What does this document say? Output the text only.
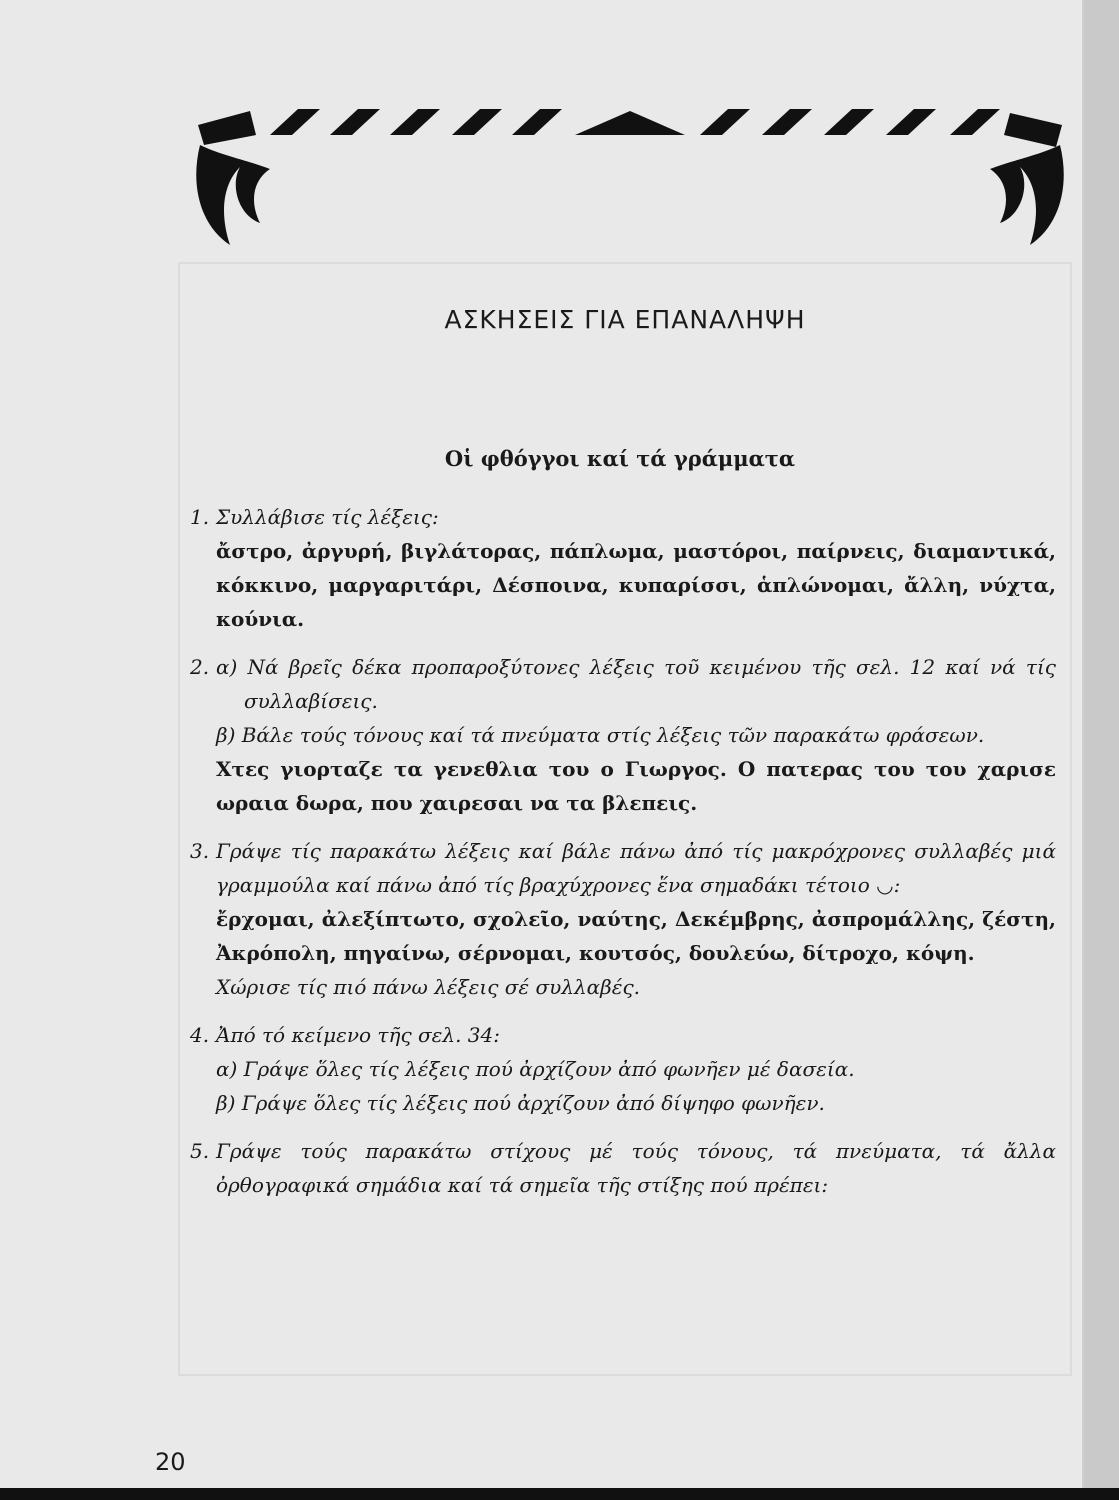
ΑΣΚΗΣΕΙΣ ΓΙΑ ΕΠΑΝΑΛΗΨΗ
Οἱ φθόγγοι καί τά γράμματα
1. Συλλάβισε τίς λέξεις:
ἄστρο, ἀργυρή, βιγλάτορας, πάπλωμα, μαστόροι, παίρνεις, διαμαντικά, κόκκινο, μαργαριτάρι, Δέσποινα, κυπαρίσσι, ἁπλώνομαι, ἄλλη, νύχτα, κούνια.
2. α) Νά βρεῖς δέκα προπαροξύτονες λέξεις τοῦ κειμένου τῆς σελ. 12 καί νά τίς συλλαβίσεις.
β) Βάλε τούς τόνους καί τά πνεύματα στίς λέξεις τῶν παρακάτω φράσεων.
Χτες γιορταζε τα γενεθλια του ο Γιωργος. Ο πατερας του του χαρισε ωραια δωρα, που χαιρεσαι να τα βλεπεις.
3. Γράψε τίς παρακάτω λέξεις καί βάλε πάνω ἀπό τίς μακρόχρονες συλλαβές μιά γραμμούλα καί πάνω ἀπό τίς βραχύχρονες ἕνα σημαδάκι τέτοιο ◡:
ἔρχομαι, ἀλεξίπτωτο, σχολεῖο, ναύτης, Δεκέμβρης, ἀσπρομάλλης, ζέστη, Ἀκρόπολη, πηγαίνω, σέρνομαι, κουτσός, δουλεύω, δίτροχο, κόψη.
Χώρισε τίς πιό πάνω λέξεις σέ συλλαβές.
4. Ἀπό τό κείμενο τῆς σελ. 34:
α) Γράψε ὅλες τίς λέξεις πού ἀρχίζουν ἀπό φωνῆεν μέ δασεία.
β) Γράψε ὅλες τίς λέξεις πού ἀρχίζουν ἀπό δίψηφο φωνῆεν.
5. Γράψε τούς παρακάτω στίχους μέ τούς τόνους, τά πνεύματα, τά ἄλλα ὀρθογραφικά σημάδια καί τά σημεῖα τῆς στίξης πού πρέπει:
20
